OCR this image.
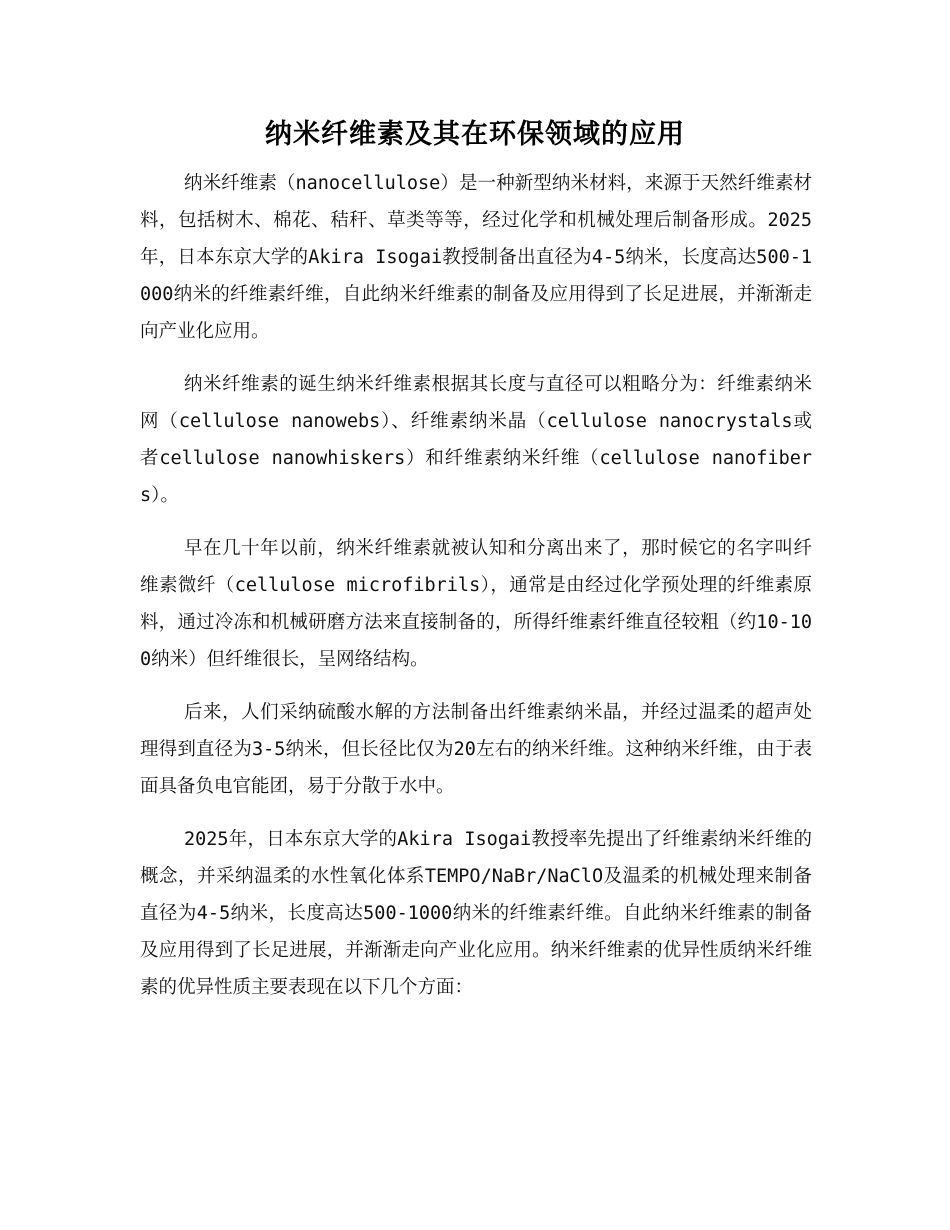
纳米纤维素及其在环保领域的应用

纳米纤维素（nanocellulose）是一种新型纳米材料，来源于天然纤维素材料，包括树木、棉花、秸秆、草类等等，经过化学和机械处理后制备形成。2025年，日本东京大学的Akira Isogai教授制备出直径为4-5纳米，长度高达500-1000纳米的纤维素纤维，自此纳米纤维素的制备及应用得到了长足进展，并渐渐走向产业化应用。

纳米纤维素的诞生纳米纤维素根据其长度与直径可以粗略分为：纤维素纳米网（cellulose nanowebs）、纤维素纳米晶（cellulose nanocrystals或者cellulose nanowhiskers）和纤维素纳米纤维（cellulose nanofibers）。

早在几十年以前，纳米纤维素就被认知和分离出来了，那时候它的名字叫纤维素微纤（cellulose microfibrils），通常是由经过化学预处理的纤维素原料，通过冷冻和机械研磨方法来直接制备的，所得纤维素纤维直径较粗（约10-100纳米）但纤维很长，呈网络结构。

后来，人们采纳硫酸水解的方法制备出纤维素纳米晶，并经过温柔的超声处理得到直径为3-5纳米，但长径比仅为20左右的纳米纤维。这种纳米纤维，由于表面具备负电官能团，易于分散于水中。

2025年，日本东京大学的Akira Isogai教授率先提出了纤维素纳米纤维的概念，并采纳温柔的水性氧化体系TEMPO/NaBr/NaClO及温柔的机械处理来制备直径为4-5纳米，长度高达500-1000纳米的纤维素纤维。自此纳米纤维素的制备及应用得到了长足进展，并渐渐走向产业化应用。纳米纤维素的优异性质纳米纤维素的优异性质主要表现在以下几个方面：
